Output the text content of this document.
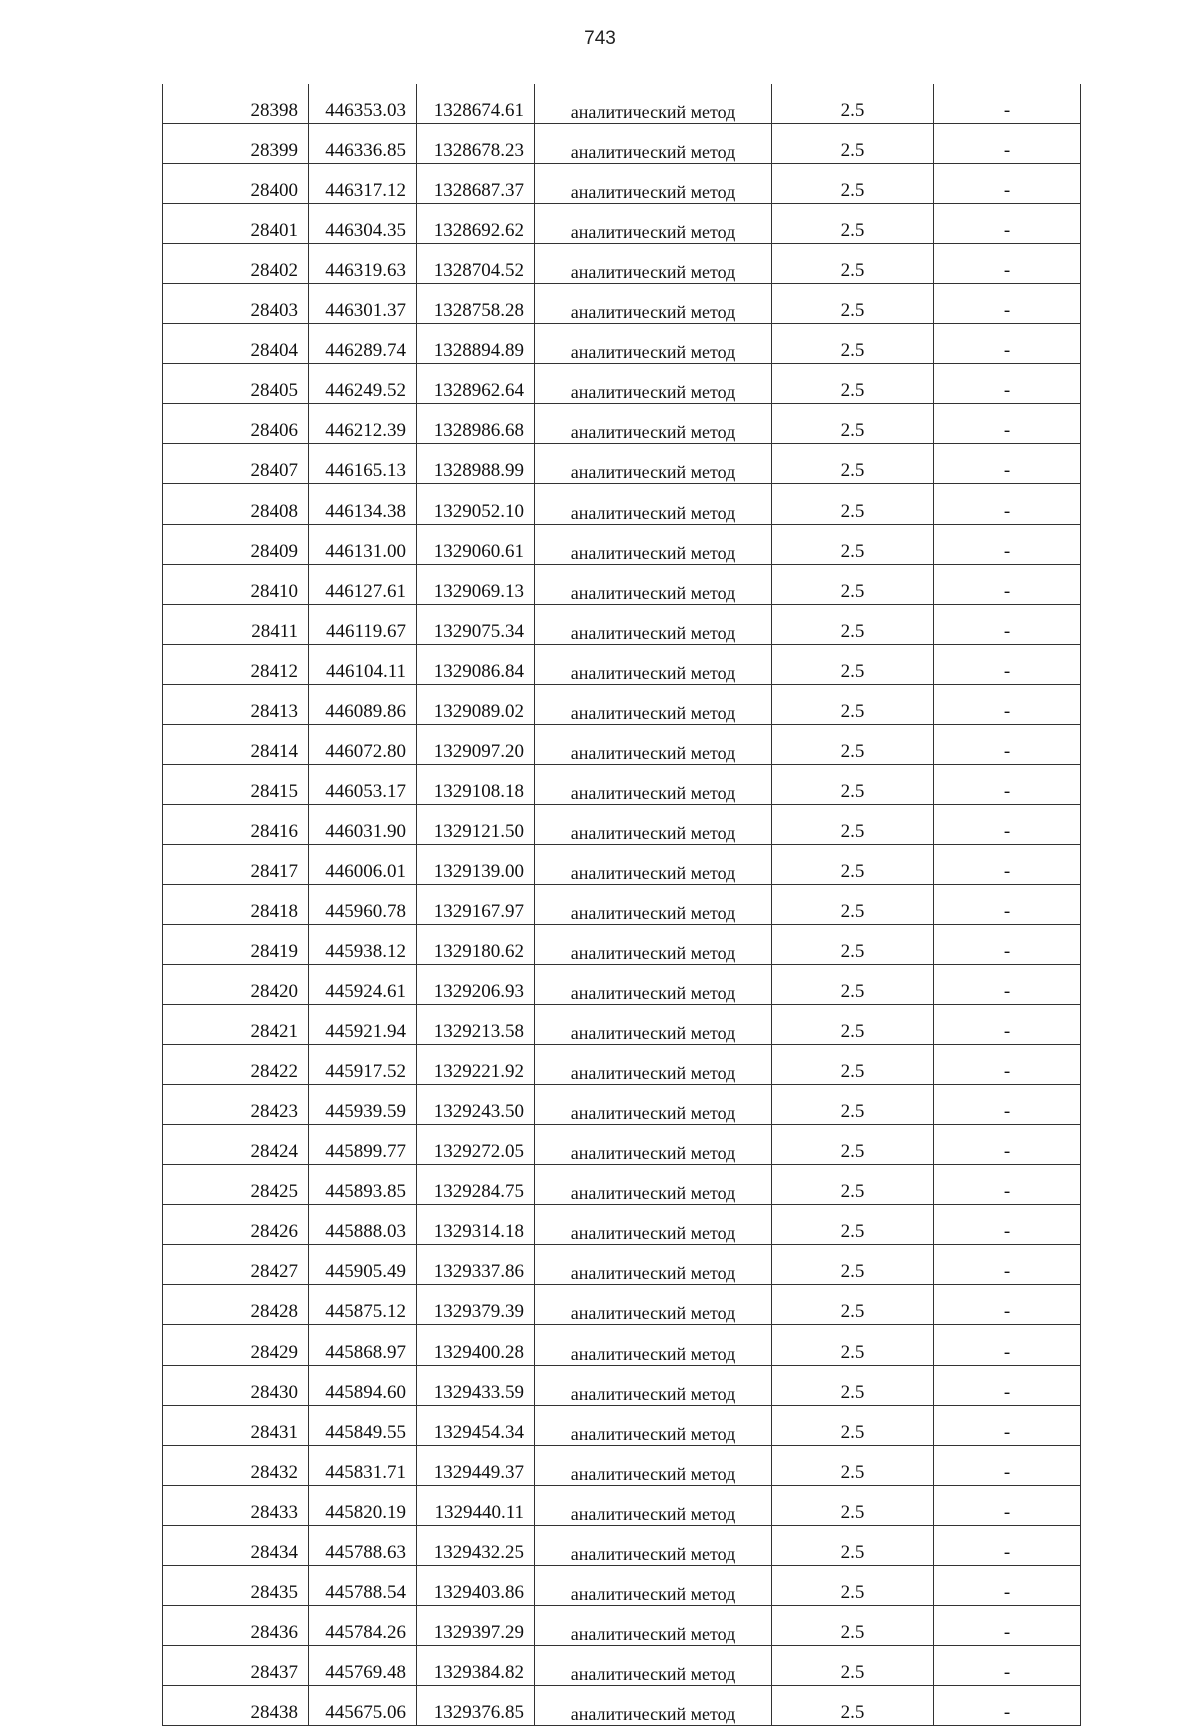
743
28398	446353.03	1328674.61	аналитический метод	2.5	-
28399	446336.85	1328678.23	аналитический метод	2.5	-
28400	446317.12	1328687.37	аналитический метод	2.5	-
28401	446304.35	1328692.62	аналитический метод	2.5	-
28402	446319.63	1328704.52	аналитический метод	2.5	-
28403	446301.37	1328758.28	аналитический метод	2.5	-
28404	446289.74	1328894.89	аналитический метод	2.5	-
28405	446249.52	1328962.64	аналитический метод	2.5	-
28406	446212.39	1328986.68	аналитический метод	2.5	-
28407	446165.13	1328988.99	аналитический метод	2.5	-
28408	446134.38	1329052.10	аналитический метод	2.5	-
28409	446131.00	1329060.61	аналитический метод	2.5	-
28410	446127.61	1329069.13	аналитический метод	2.5	-
28411	446119.67	1329075.34	аналитический метод	2.5	-
28412	446104.11	1329086.84	аналитический метод	2.5	-
28413	446089.86	1329089.02	аналитический метод	2.5	-
28414	446072.80	1329097.20	аналитический метод	2.5	-
28415	446053.17	1329108.18	аналитический метод	2.5	-
28416	446031.90	1329121.50	аналитический метод	2.5	-
28417	446006.01	1329139.00	аналитический метод	2.5	-
28418	445960.78	1329167.97	аналитический метод	2.5	-
28419	445938.12	1329180.62	аналитический метод	2.5	-
28420	445924.61	1329206.93	аналитический метод	2.5	-
28421	445921.94	1329213.58	аналитический метод	2.5	-
28422	445917.52	1329221.92	аналитический метод	2.5	-
28423	445939.59	1329243.50	аналитический метод	2.5	-
28424	445899.77	1329272.05	аналитический метод	2.5	-
28425	445893.85	1329284.75	аналитический метод	2.5	-
28426	445888.03	1329314.18	аналитический метод	2.5	-
28427	445905.49	1329337.86	аналитический метод	2.5	-
28428	445875.12	1329379.39	аналитический метод	2.5	-
28429	445868.97	1329400.28	аналитический метод	2.5	-
28430	445894.60	1329433.59	аналитический метод	2.5	-
28431	445849.55	1329454.34	аналитический метод	2.5	-
28432	445831.71	1329449.37	аналитический метод	2.5	-
28433	445820.19	1329440.11	аналитический метод	2.5	-
28434	445788.63	1329432.25	аналитический метод	2.5	-
28435	445788.54	1329403.86	аналитический метод	2.5	-
28436	445784.26	1329397.29	аналитический метод	2.5	-
28437	445769.48	1329384.82	аналитический метод	2.5	-
28438	445675.06	1329376.85	аналитический метод	2.5	-
